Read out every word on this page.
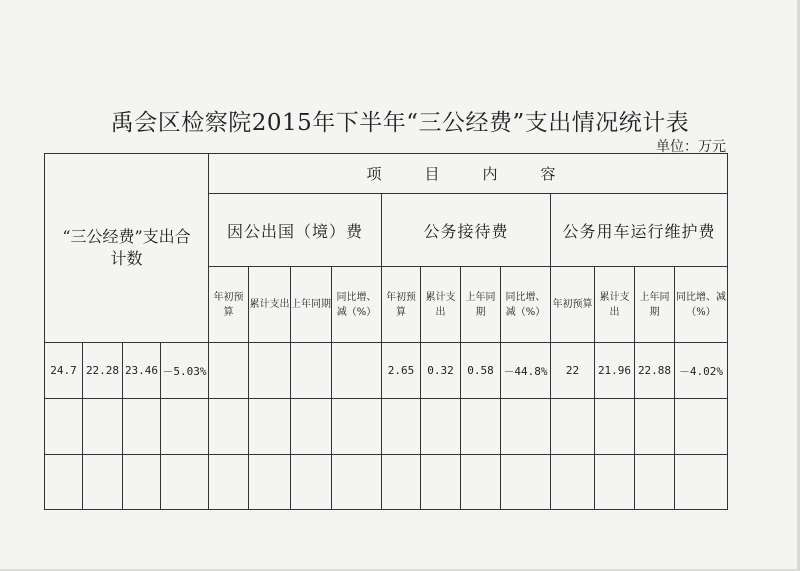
禹会区检察院2015年下半年“三公经费”支出情况统计表
单位：万元
“三公经费”支出合计数				项　目　内　容												
				因公出国（境）费				公务接待费				公务用车运行维护费				
				年初预算	累计支出	上年同期	同比增、减（%）	年初预算	累计支出	上年同期	同比增、减（%）	年初预算	累计支出	上年同期	同比增、减（%）				
24.7	22.28	23.46	－5.03%					2.65	0.32	0.58	－44.8%	22	21.96	22.88	－4.02%	
